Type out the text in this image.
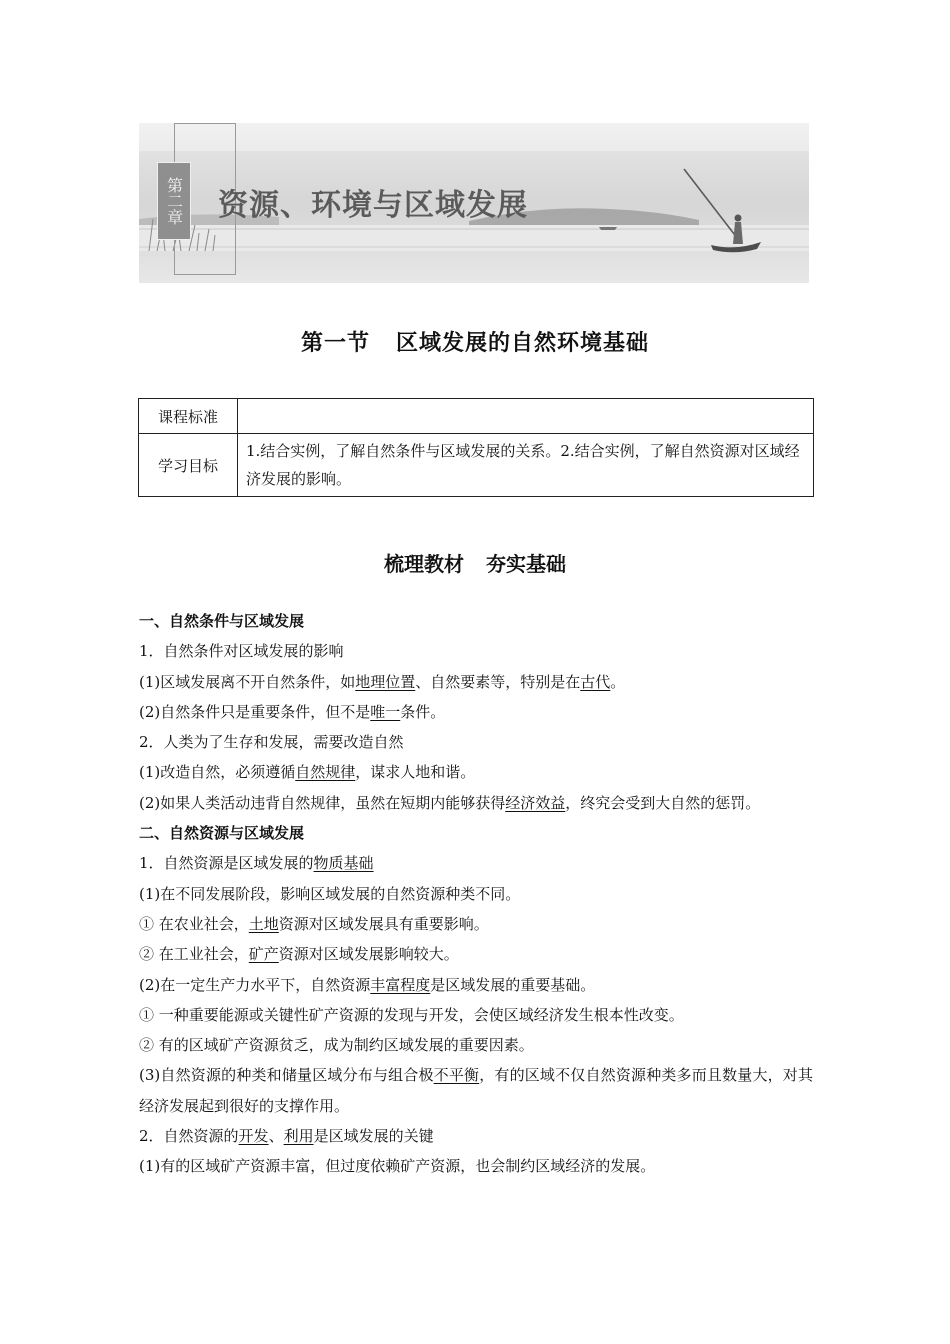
第二章 资源、环境与区域发展
第一节 区域发展的自然环境基础
课程标准	
学习目标	1.结合实例，了解自然条件与区域发展的关系。2.结合实例，了解自然资源对区域经济发展的影响。
梳理教材 夯实基础

一、自然条件与区域发展

1．自然条件对区域发展的影响

(1)区域发展离不开自然条件，如地理位置、自然要素等，特别是在古代。

(2)自然条件只是重要条件，但不是唯一条件。

2．人类为了生存和发展，需要改造自然

(1)改造自然，必须遵循自然规律，谋求人地和谐。

(2)如果人类活动违背自然规律，虽然在短期内能够获得经济效益，终究会受到大自然的惩罚。

二、自然资源与区域发展

1．自然资源是区域发展的物质基础

(1)在不同发展阶段，影响区域发展的自然资源种类不同。

① 在农业社会，土地资源对区域发展具有重要影响。

② 在工业社会，矿产资源对区域发展影响较大。

(2)在一定生产力水平下，自然资源丰富程度是区域发展的重要基础。

① 一种重要能源或关键性矿产资源的发现与开发，会使区域经济发生根本性改变。

② 有的区域矿产资源贫乏，成为制约区域发展的重要因素。

(3)自然资源的种类和储量区域分布与组合极不平衡，有的区域不仅自然资源种类多而且数量大，对其经济发展起到很好的支撑作用。

2．自然资源的开发、利用是区域发展的关键

(1)有的区域矿产资源丰富，但过度依赖矿产资源，也会制约区域经济的发展。
